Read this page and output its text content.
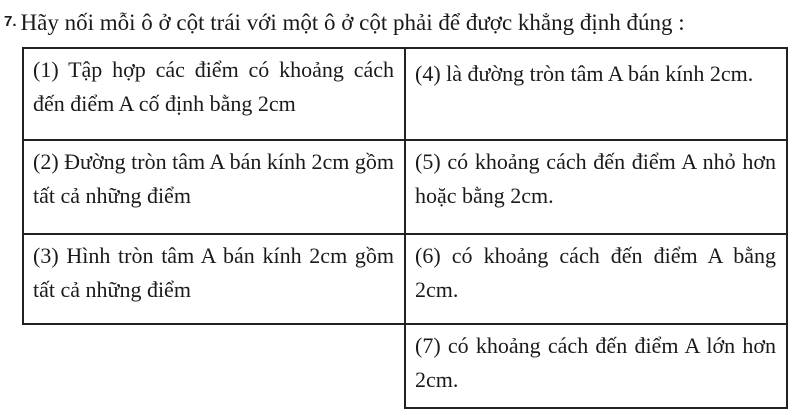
7. Hãy nối mỗi ô ở cột trái với một ô ở cột phải để được khẳng định đúng :
(1) Tập hợp các điểm có khoảng cách đến điểm A cố định bằng 2cm
(4) là đường tròn tâm A bán kính 2cm.
(2) Đường tròn tâm A bán kính 2cm gồm tất cả những điểm
(5) có khoảng cách đến điểm A nhỏ hơn hoặc bằng 2cm.
(3) Hình tròn tâm A bán kính 2cm gồm tất cả những điểm
(6) có khoảng cách đến điểm A bằng 2cm.
(7) có khoảng cách đến điểm A lớn hơn 2cm.
